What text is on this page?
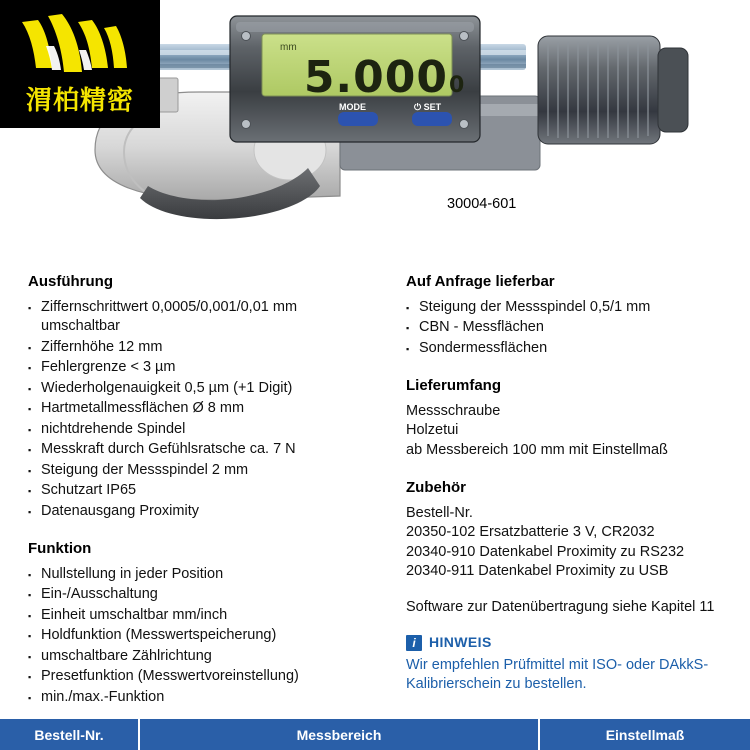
mm
5.000 0
MODE	⏻ SET
30004-601
渭柏精密
Ausführung
▪ Ziffernschrittwert 0,0005/0,001/0,01 mm umschaltbar
▪ Ziffernhöhe 12 mm
▪ Fehlergrenze < 3 µm
▪ Wiederholgenauigkeit 0,5 µm (+1 Digit)
▪ Hartmetallmessflächen Ø 8 mm
▪ nichtdrehende Spindel
▪ Messkraft durch Gefühlsratsche ca. 7 N
▪ Steigung der Messspindel 2 mm
▪ Schutzart IP65
▪ Datenausgang Proximity
Funktion
▪ Nullstellung in jeder Position
▪ Ein-/Ausschaltung
▪ Einheit umschaltbar mm/inch
▪ Holdfunktion (Messwertspeicherung)
▪ umschaltbare Zählrichtung
▪ Presetfunktion (Messwertvoreinstellung)
▪ min./max.-Funktion
Auf Anfrage lieferbar
▪ Steigung der Messspindel 0,5/1 mm
▪ CBN - Messflächen
▪ Sondermessflächen
Lieferumfang
Messschraube
Holzetui
ab Messbereich 100 mm mit Einstellmaß
Zubehör
Bestell-Nr.
20350-102 Ersatzbatterie 3 V, CR2032
20340-910 Datenkabel Proximity zu RS232
20340-911 Datenkabel Proximity zu USB
Software zur Datenübertragung siehe Kapitel 11
i HINWEIS
Wir empfehlen Prüfmittel mit ISO- oder DAkkS-Kalibrierschein zu bestellen.
Bestell-Nr.	Messbereich	Einstellmaß
